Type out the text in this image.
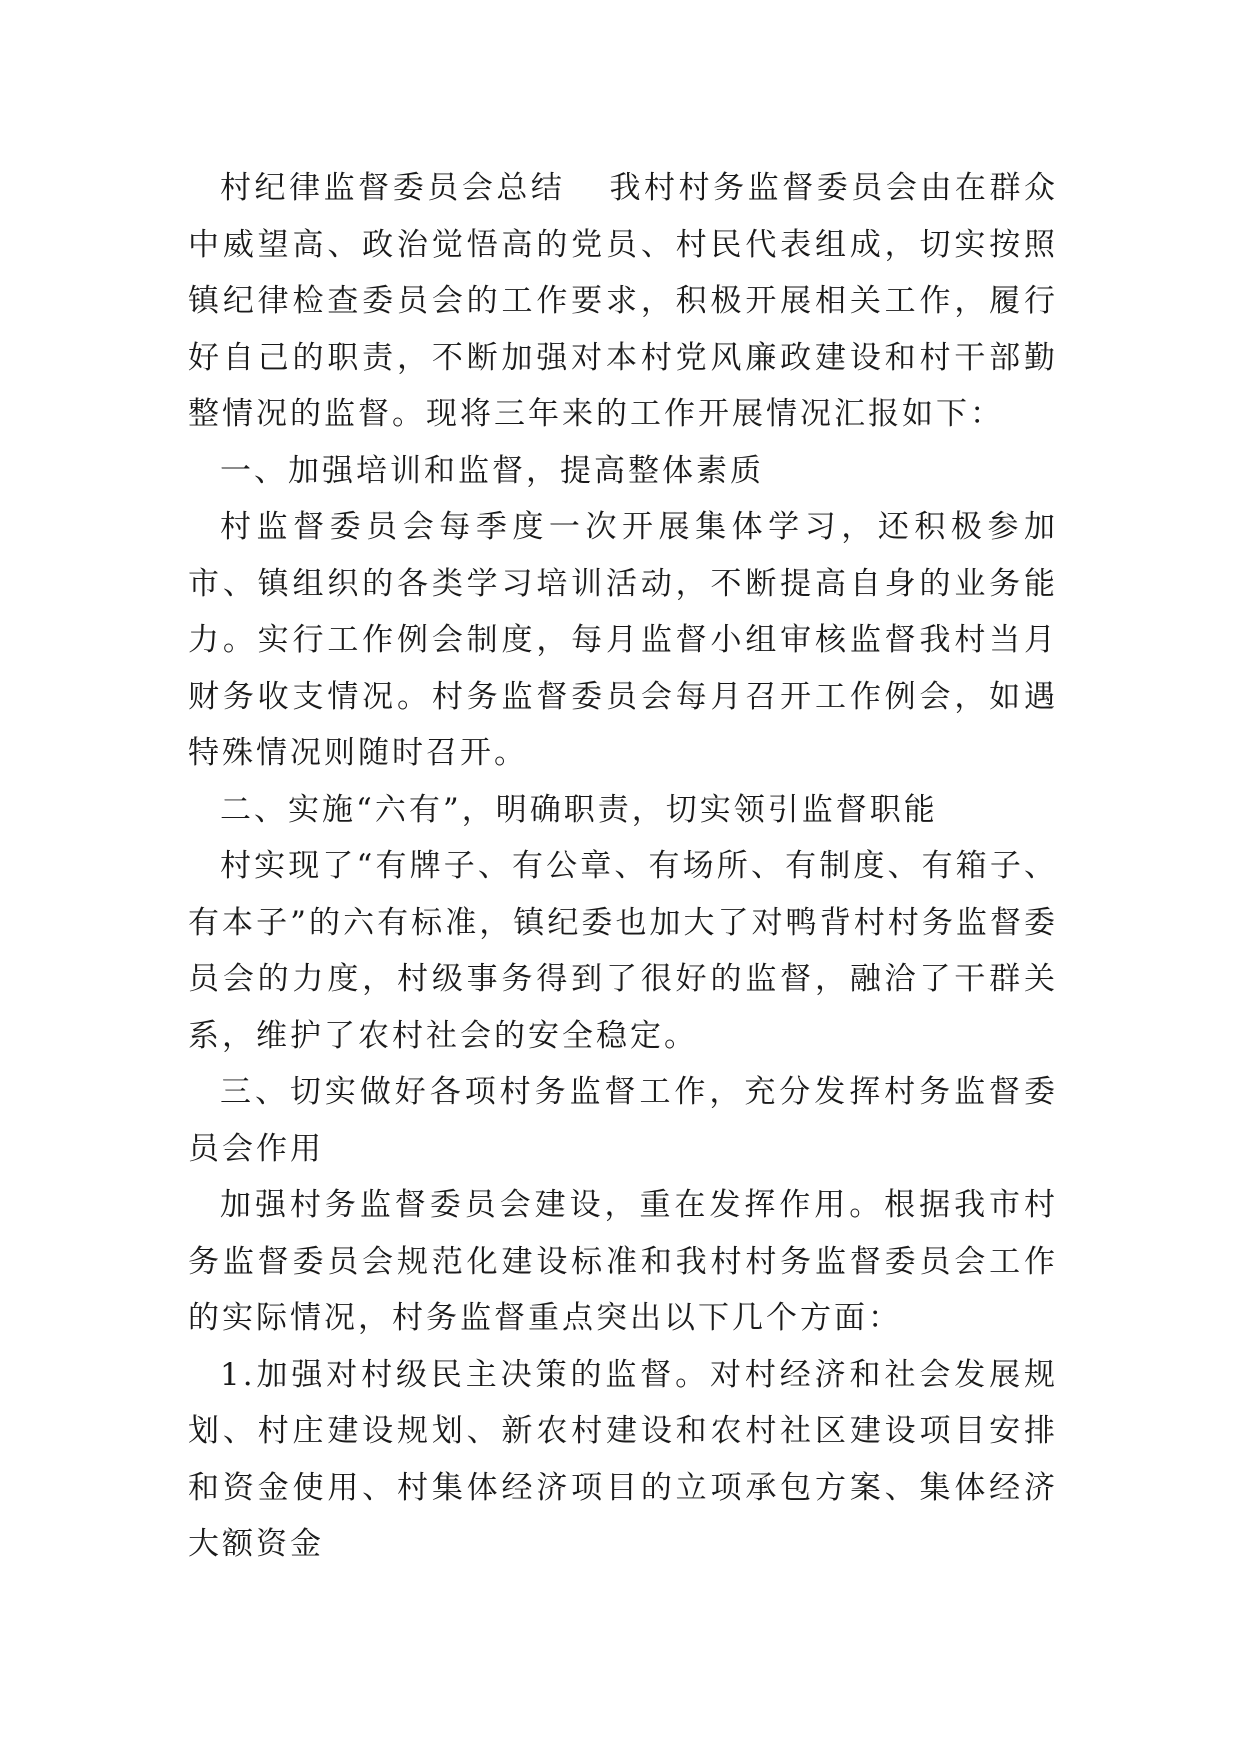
村纪律监督委员会总结 我村村务监督委员会由在群众中威望高、政治觉悟高的党员、村民代表组成，切实按照镇纪律检查委员会的工作要求，积极开展相关工作，履行好自己的职责，不断加强对本村党风廉政建设和村干部勤整情况的监督。现将三年来的工作开展情况汇报如下：

一、加强培训和监督，提高整体素质

村监督委员会每季度一次开展集体学习，还积极参加市、镇组织的各类学习培训活动，不断提高自身的业务能力。实行工作例会制度，每月监督小组审核监督我村当月财务收支情况。村务监督委员会每月召开工作例会，如遇特殊情况则随时召开。

二、实施“六有”，明确职责，切实领引监督职能

村实现了“有牌子、有公章、有场所、有制度、有箱子、有本子”的六有标准，镇纪委也加大了对鸭背村村务监督委员会的力度，村级事务得到了很好的监督，融洽了干群关系，维护了农村社会的安全稳定。

三、切实做好各项村务监督工作，充分发挥村务监督委员会作用

加强村务监督委员会建设，重在发挥作用。根据我市村务监督委员会规范化建设标准和我村村务监督委员会工作的实际情况，村务监督重点突出以下几个方面：

1.加强对村级民主决策的监督。对村经济和社会发展规划、村庄建设规划、新农村建设和农村社区建设项目安排和资金使用、村集体经济项目的立项承包方案、集体经济大额资金
